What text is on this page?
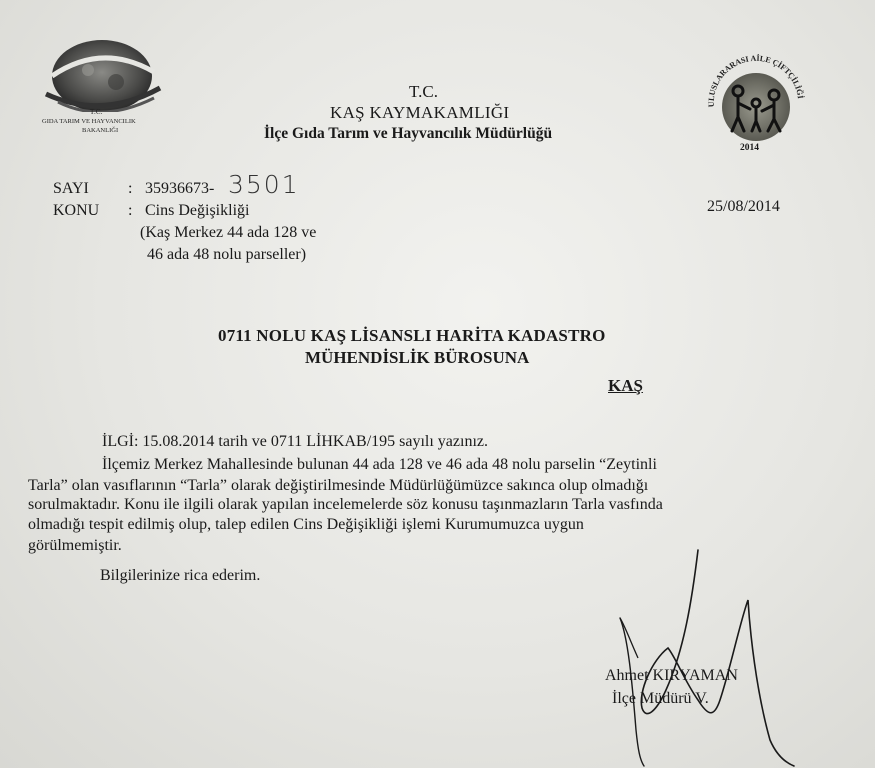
T.C.
GIDA TARIM VE HAYVANCILIK
BAKANLIĞI
ULUSLARARASI AİLE ÇİFTÇİLİĞİ
2014
T.C.
KAŞ KAYMAKAMLIĞI
İlçe Gıda Tarım ve Hayvancılık Müdürlüğü
SAYI : 35936673- 3501
KONU : Cins Değişikliği
(Kaş Merkez 44 ada 128 ve
46 ada 48 nolu parseller)
25/08/2014
0711 NOLU KAŞ LİSANSLI HARİTA KADASTRO
MÜHENDİSLİK BÜROSUNA
KAŞ
İLGİ: 15.08.2014 tarih ve 0711 LİHKAB/195 sayılı yazınız.
İlçemiz Merkez Mahallesinde bulunan 44 ada 128 ve 46 ada 48 nolu parselin “Zeytinli
Tarla” olan vasıflarının “Tarla” olarak değiştirilmesinde Müdürlüğümüzce sakınca olup olmadığı
sorulmaktadır. Konu ile ilgili olarak yapılan incelemelerde söz konusu taşınmazların Tarla vasfında
olmadığı tespit edilmiş olup, talep edilen Cins Değişikliği işlemi Kurumumuzca uygun
görülmemiştir.
Bilgilerinize rica ederim.
Ahmet KIRYAMAN
İlçe Müdürü V.
